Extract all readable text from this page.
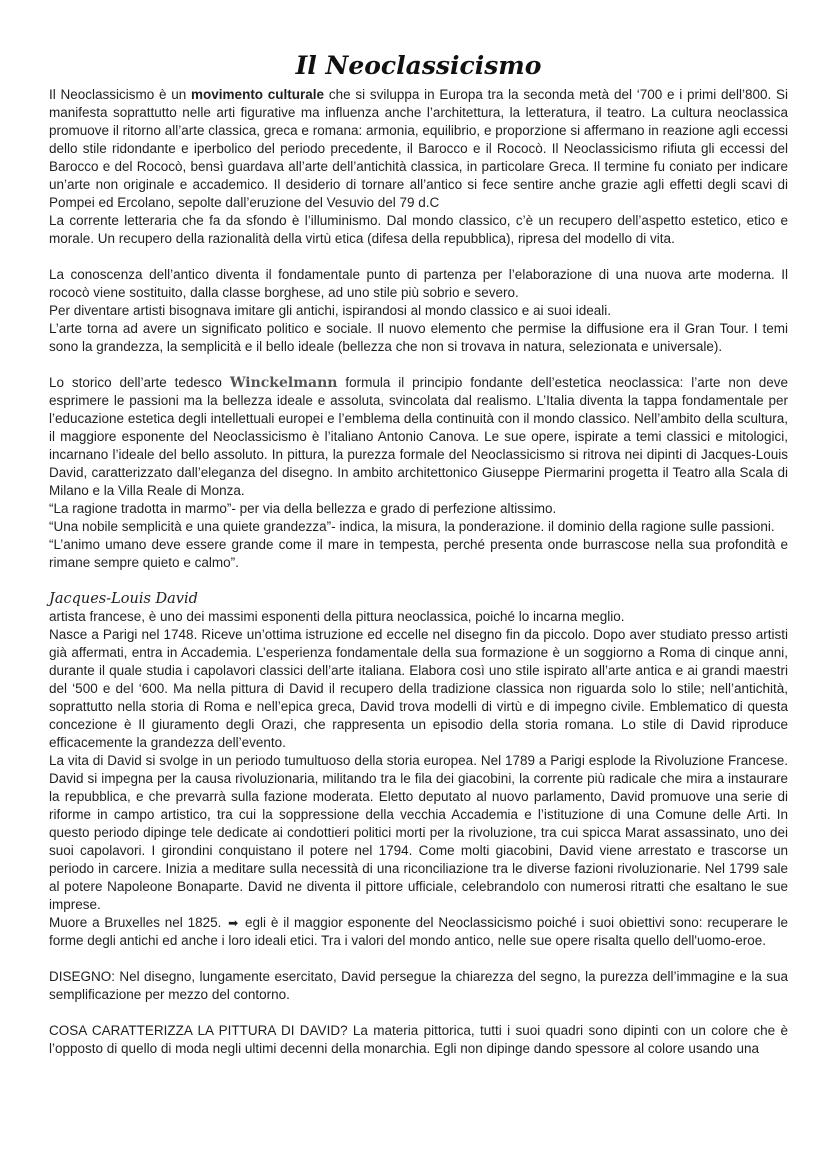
Il Neoclassicismo

Il Neoclassicismo è un movimento culturale che si sviluppa in Europa tra la seconda metà del ‘700 e i primi dell’800. Si manifesta soprattutto nelle arti figurative ma influenza anche l’architettura, la letteratura, il teatro. La cultura neoclassica promuove il ritorno all’arte classica, greca e romana: armonia, equilibrio, e proporzione si affermano in reazione agli eccessi dello stile ridondante e iperbolico del periodo precedente, il Barocco e il Rococò. Il Neoclassicismo rifiuta gli eccessi del Barocco e del Rococò, bensì guardava all’arte dell’antichità classica, in particolare Greca. Il termine fu coniato per indicare un’arte non originale e accademico. Il desiderio di tornare all’antico si fece sentire anche grazie agli effetti degli scavi di Pompei ed Ercolano, sepolte dall’eruzione del Vesuvio del 79 d.C

La corrente letteraria che fa da sfondo è l’illuminismo. Dal mondo classico, c’è un recupero dell’aspetto estetico, etico e morale. Un recupero della razionalità della virtù etica (difesa della repubblica), ripresa del modello di vita.

La conoscenza dell’antico diventa il fondamentale punto di partenza per l’elaborazione di una nuova arte moderna. Il rococò viene sostituito, dalla classe borghese, ad uno stile più sobrio e severo.

Per diventare artisti bisognava imitare gli antichi, ispirandosi al mondo classico e ai suoi ideali.

L’arte torna ad avere un significato politico e sociale. Il nuovo elemento che permise la diffusione era il Gran Tour. I temi sono la grandezza, la semplicità e il bello ideale (bellezza che non si trovava in natura, selezionata e universale).

Lo storico dell’arte tedesco Winckelmann formula il principio fondante dell’estetica neoclassica: l’arte non deve esprimere le passioni ma la bellezza ideale e assoluta, svincolata dal realismo. L’Italia diventa la tappa fondamentale per l’educazione estetica degli intellettuali europei e l’emblema della continuità con il mondo classico. Nell’ambito della scultura, il maggiore esponente del Neoclassicismo è l’italiano Antonio Canova. Le sue opere, ispirate a temi classici e mitologici, incarnano l’ideale del bello assoluto. In pittura, la purezza formale del Neoclassicismo si ritrova nei dipinti di Jacques-Louis David, caratterizzato dall’eleganza del disegno. In ambito architettonico Giuseppe Piermarini progetta il Teatro alla Scala di Milano e la Villa Reale di Monza.

“La ragione tradotta in marmo”- per via della bellezza e grado di perfezione altissimo.

“Una nobile semplicità e una quiete grandezza”- indica, la misura, la ponderazione. il dominio della ragione sulle passioni.

“L’animo umano deve essere grande come il mare in tempesta, perché presenta onde burrascose nella sua profondità e rimane sempre quieto e calmo”.

Jacques-Louis David

artista francese, è uno dei massimi esponenti della pittura neoclassica, poiché lo incarna meglio.

Nasce a Parigi nel 1748. Riceve un’ottima istruzione ed eccelle nel disegno fin da piccolo. Dopo aver studiato presso artisti già affermati, entra in Accademia. L’esperienza fondamentale della sua formazione è un soggiorno a Roma di cinque anni, durante il quale studia i capolavori classici dell’arte italiana. Elabora così uno stile ispirato all’arte antica e ai grandi maestri del ‘500 e del ‘600. Ma nella pittura di David il recupero della tradizione classica non riguarda solo lo stile; nell’antichità, soprattutto nella storia di Roma e nell’epica greca, David trova modelli di virtù e di impegno civile. Emblematico di questa concezione è Il giuramento degli Orazi, che rappresenta un episodio della storia romana. Lo stile di David riproduce efficacemente la grandezza dell’evento.

La vita di David si svolge in un periodo tumultuoso della storia europea. Nel 1789 a Parigi esplode la Rivoluzione Francese. David si impegna per la causa rivoluzionaria, militando tra le fila dei giacobini, la corrente più radicale che mira a instaurare la repubblica, e che prevarrà sulla fazione moderata. Eletto deputato al nuovo parlamento, David promuove una serie di riforme in campo artistico, tra cui la soppressione della vecchia Accademia e l’istituzione di una Comune delle Arti. In questo periodo dipinge tele dedicate ai condottieri politici morti per la rivoluzione, tra cui spicca Marat assassinato, uno dei suoi capolavori. I girondini conquistano il potere nel 1794. Come molti giacobini, David viene arrestato e trascorse un periodo in carcere. Inizia a meditare sulla necessità di una riconciliazione tra le diverse fazioni rivoluzionarie. Nel 1799 sale al potere Napoleone Bonaparte. David ne diventa il pittore ufficiale, celebrandolo con numerosi ritratti che esaltano le sue imprese.

Muore a Bruxelles nel 1825. ➡ egli è il maggior esponente del Neoclassicismo poiché i suoi obiettivi sono: recuperare le forme degli antichi ed anche i loro ideali etici. Tra i valori del mondo antico, nelle sue opere risalta quello dell'uomo-eroe.

DISEGNO: Nel disegno, lungamente esercitato, David persegue la chiarezza del segno, la purezza dell’immagine e la sua semplificazione per mezzo del contorno.

COSA CARATTERIZZA LA PITTURA DI DAVID? La materia pittorica, tutti i suoi quadri sono dipinti con un colore che è l’opposto di quello di moda negli ultimi decenni della monarchia. Egli non dipinge dando spessore al colore usando una
